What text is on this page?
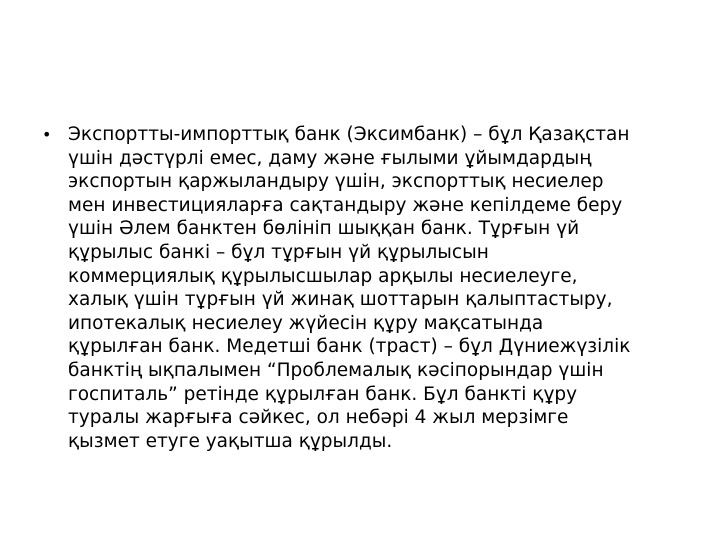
• Экспортты-импорттық банк (Эксимбанк) – бұл Қазақстан
үшін дәстүрлі емес, даму және ғылыми ұйымдардың
экспортын қаржыландыру үшін, экспорттық несиелер
мен инвестицияларға сақтандыру және кепілдеме беру
үшін Әлем банктен бөлініп шыққан банк. Тұрғын үй
құрылыс банкі – бұл тұрғын үй құрылысын
коммерциялық құрылысшылар арқылы несиелеуге,
халық үшін тұрғын үй жинақ шоттарын қалыптастыру,
ипотекалық несиелеу жүйесін құру мақсатында
құрылған банк. Медетші банк (траст) – бұл Дүниежүзілік
банктің ықпалымен “Проблемалық кәсіпорындар үшін
госпиталь” ретінде құрылған банк. Бұл банкті құру
туралы жарғыға сәйкес, ол небәрі 4 жыл мерзімге
қызмет етуге уақытша құрылды.
